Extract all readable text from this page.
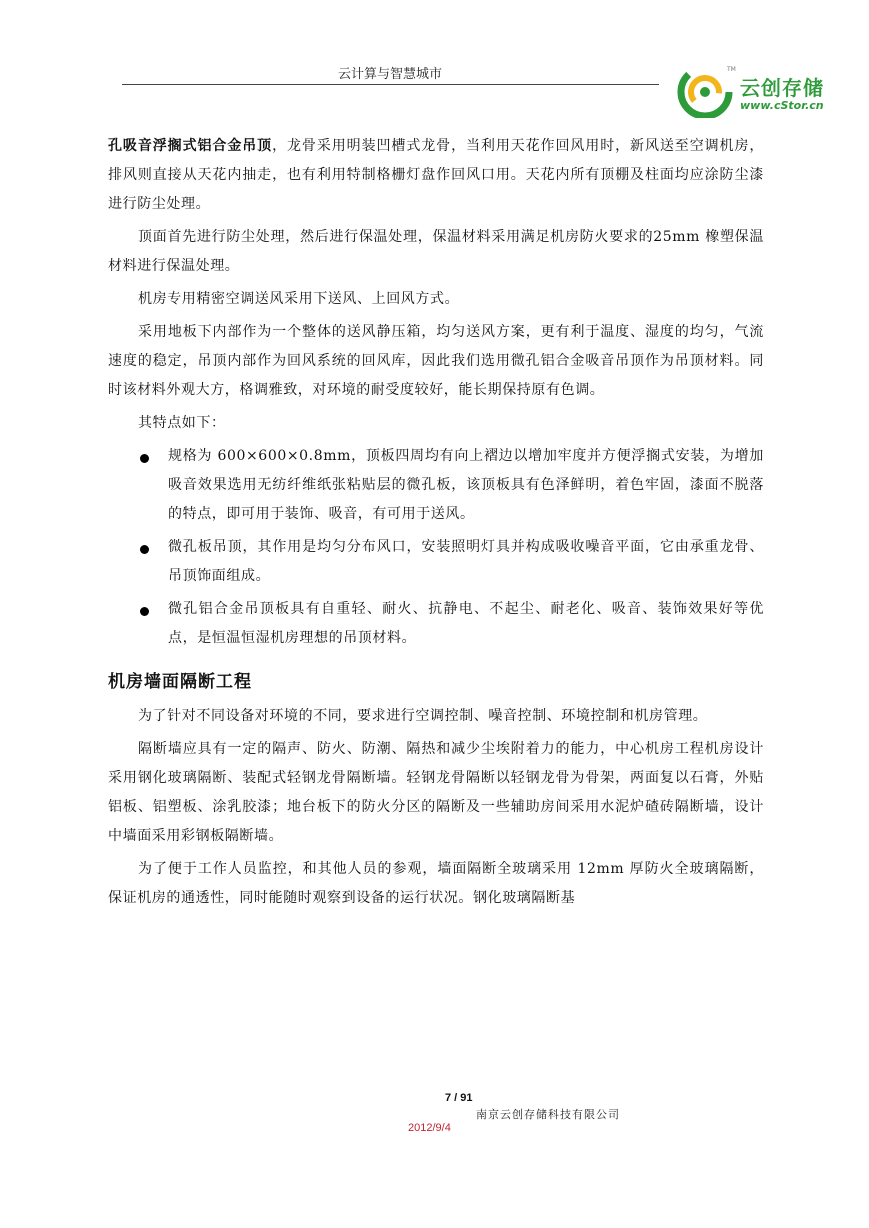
云计算与智慧城市	TM
云创存储
www.cStor.cn

孔吸音浮搁式铝合金吊顶，龙骨采用明装凹槽式龙骨，当利用天花作回风用时，新风送至空调机房，排风则直接从天花内抽走，也有利用特制格栅灯盘作回风口用。天花内所有顶棚及柱面均应涂防尘漆进行防尘处理。

顶面首先进行防尘处理，然后进行保温处理，保温材料采用满足机房防火要求的25mm 橡塑保温材料进行保温处理。

机房专用精密空调送风采用下送风、上回风方式。

采用地板下内部作为一个整体的送风静压箱，均匀送风方案，更有利于温度、湿度的均匀，气流速度的稳定，吊顶内部作为回风系统的回风库，因此我们选用微孔铝合金吸音吊顶作为吊顶材料。同时该材料外观大方，格调雅致，对环境的耐受度较好，能长期保持原有色调。

其特点如下：

规格为 600×600×0.8mm，顶板四周均有向上褶边以增加牢度并方便浮搁式安装，为增加吸音效果选用无纺纤维纸张粘贴层的微孔板，该顶板具有色泽鲜明，着色牢固，漆面不脱落的特点，即可用于装饰、吸音，有可用于送风。

微孔板吊顶，其作用是均匀分布风口，安装照明灯具并构成吸收噪音平面，它由承重龙骨、吊顶饰面组成。

微孔铝合金吊顶板具有自重轻、耐火、抗静电、不起尘、耐老化、吸音、装饰效果好等优点，是恒温恒湿机房理想的吊顶材料。

机房墙面隔断工程

为了针对不同设备对环境的不同，要求进行空调控制、噪音控制、环境控制和机房管理。

隔断墙应具有一定的隔声、防火、防潮、隔热和减少尘埃附着力的能力，中心机房工程机房设计采用钢化玻璃隔断、装配式轻钢龙骨隔断墙。轻钢龙骨隔断以轻钢龙骨为骨架，两面复以石膏，外贴铝板、铝塑板、涂乳胶漆；地台板下的防火分区的隔断及一些辅助房间采用水泥炉碴砖隔断墙，设计中墙面采用彩钢板隔断墙。

为了便于工作人员监控，和其他人员的参观，墙面隔断全玻璃采用 12mm 厚防火全玻璃隔断，保证机房的通透性，同时能随时观察到设备的运行状况。钢化玻璃隔断基

7 / 91
南京云创存储科技有限公司
2012/9/4
